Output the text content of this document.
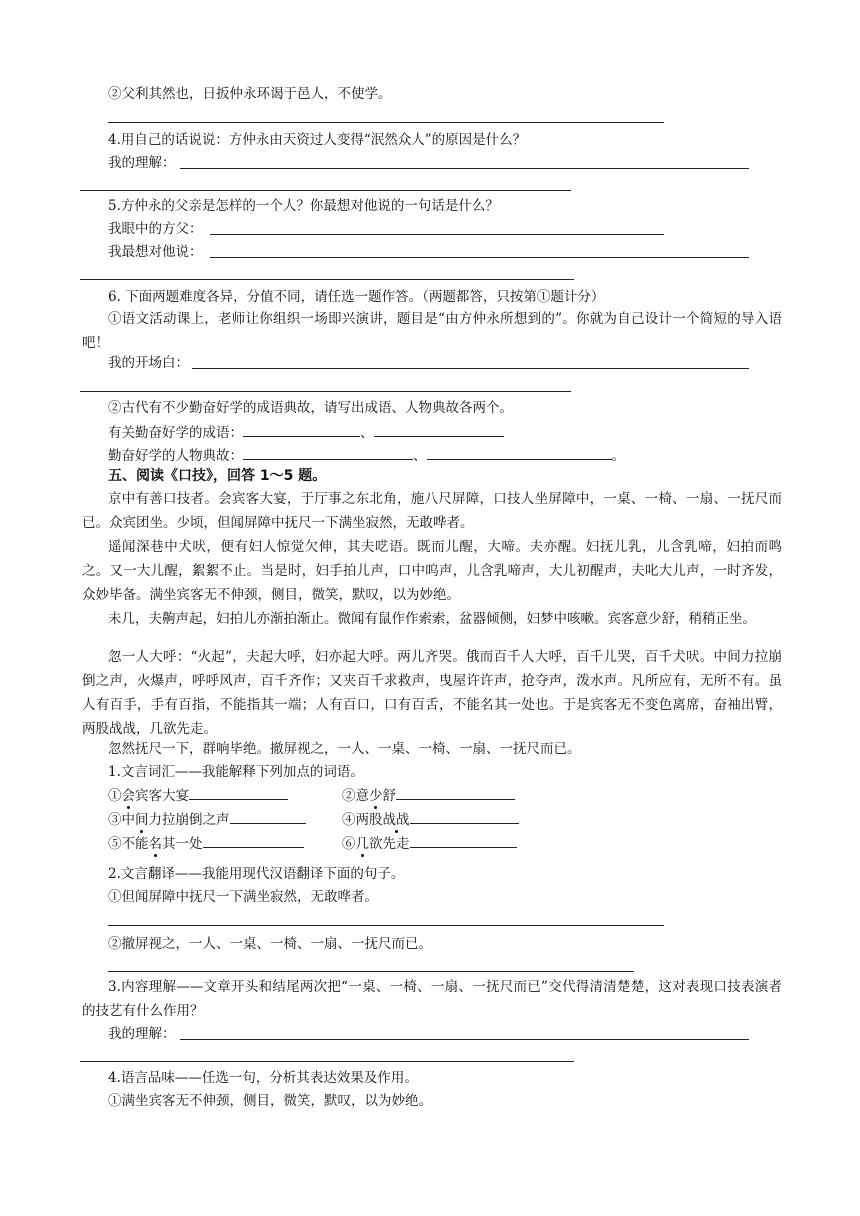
②父利其然也，日扳仲永环谒于邑人，不使学。
4.用自己的话说说：方仲永由天资过人变得“泯然众人”的原因是什么？
我的理解：
5.方仲永的父亲是怎样的一个人？你最想对他说的一句话是什么？
我眼中的方父：
我最想对他说：
6. 下面两题难度各异，分值不同，请任选一题作答。（两题都答，只按第①题计分）
①语文活动课上，老师让你组织一场即兴演讲，题目是“由方仲永所想到的”。你就为自己设计一个简短的导入语吧！
我的开场白：
②古代有不少勤奋好学的成语典故，请写出成语、人物典故各两个。
有关勤奋好学的成语：	、
勤奋好学的人物典故：	、	。
五、阅读《口技》，回答 1～5 题。
京中有善口技者。会宾客大宴，于厅事之东北角，施八尺屏障，口技人坐屏障中，一桌、一椅、一扇、一抚尺而已。众宾团坐。少顷，但闻屏障中抚尺一下满坐寂然，无敢哗者。
遥闻深巷中犬吠，便有妇人惊觉欠伸，其夫呓语。既而儿醒，大啼。夫亦醒。妇抚儿乳，儿含乳啼，妇拍而鸣之。又一大儿醒，絮絮不止。当是时，妇手拍儿声，口中呜声，儿含乳啼声，大儿初醒声，夫叱大儿声，一时齐发，众妙毕备。满坐宾客无不伸颈，侧目，微笑，默叹，以为妙绝。
未几，夫齁声起，妇拍儿亦渐拍渐止。微闻有鼠作作索索，盆器倾侧，妇梦中咳嗽。宾客意少舒，稍稍正坐。
忽一人大呼：“火起”，夫起大呼，妇亦起大呼。两儿齐哭。俄而百千人大呼，百千儿哭，百千犬吠。中间力拉崩倒之声，火爆声，呼呼风声，百千齐作；又夹百千求救声，曳屋许许声，抢夺声，泼水声。凡所应有，无所不有。虽人有百手，手有百指，不能指其一端；人有百口，口有百舌，不能名其一处也。于是宾客无不变色离席，奋袖出臂，两股战战，几欲先走。
忽然抚尺一下，群响毕绝。撤屏视之，一人、一桌、一椅、一扇、一抚尺而已。
1.文言词汇——我能解释下列加点的词语。
①会宾客大宴	②意少舒
③中间力拉崩倒之声	④两股战战
⑤不能名其一处	⑥几欲先走
2.文言翻译——我能用现代汉语翻译下面的句子。
①但闻屏障中抚尺一下满坐寂然，无敢哗者。
②撤屏视之，一人、一桌、一椅、一扇、一抚尺而已。
3.内容理解——文章开头和结尾两次把“一桌、一椅、一扇、一抚尺而已”交代得清清楚楚，这对表现口技表演者的技艺有什么作用？
我的理解：
4.语言品味——任选一句，分析其表达效果及作用。
①满坐宾客无不伸颈，侧目，微笑，默叹，以为妙绝。
